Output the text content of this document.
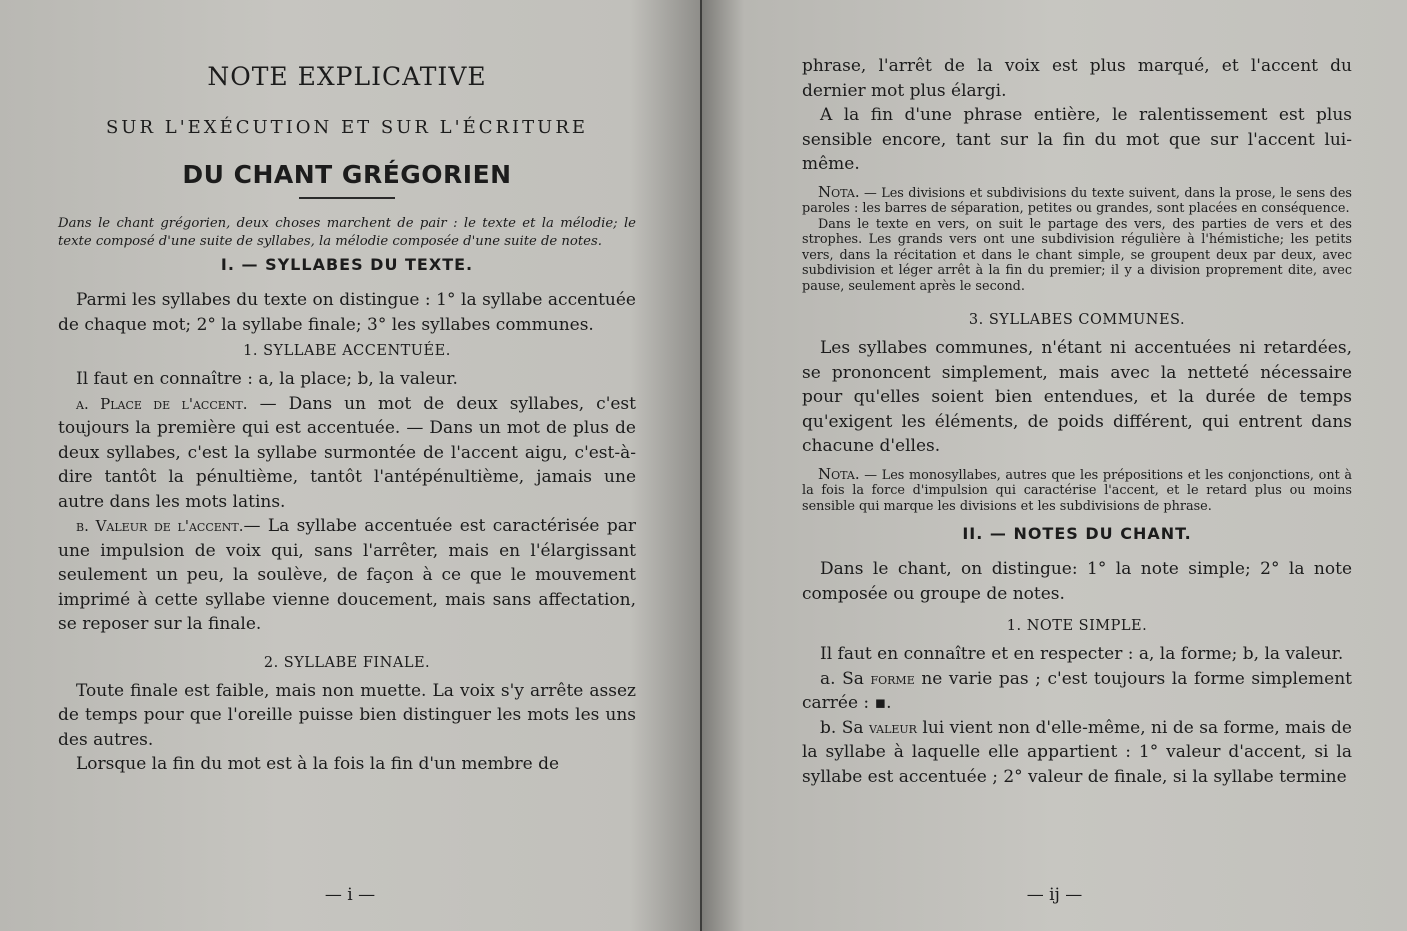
NOTE EXPLICATIVE

SUR L'EXÉCUTION ET SUR L'ÉCRITURE

DU CHANT GRÉGORIEN

Dans le chant grégorien, deux choses marchent de pair : le texte et la mélodie; le texte composé d'une suite de syllabes, la mélodie composée d'une suite de notes.

I. — SYLLABES DU TEXTE.

Parmi les syllabes du texte on distingue : 1° la syllabe accentuée de chaque mot; 2° la syllabe finale; 3° les syllabes communes.

1. SYLLABE ACCENTUÉE.

Il faut en connaître : a, la place; b, la valeur.

a. Place de l'accent. — Dans un mot de deux syllabes, c'est toujours la première qui est accentuée. — Dans un mot de plus de deux syllabes, c'est la syllabe surmontée de l'accent aigu, c'est-à-dire tantôt la pénultième, tantôt l'antépénultième, jamais une autre dans les mots latins.

b. Valeur de l'accent.— La syllabe accentuée est caractérisée par une impulsion de voix qui, sans l'arrêter, mais en l'élargissant seulement un peu, la soulève, de façon à ce que le mouvement imprimé à cette syllabe vienne doucement, mais sans affectation, se reposer sur la finale.

2. SYLLABE FINALE.

Toute finale est faible, mais non muette. La voix s'y arrête assez de temps pour que l'oreille puisse bien distinguer les mots les uns des autres.

Lorsque la fin du mot est à la fois la fin d'un membre de

— i —

phrase, l'arrêt de la voix est plus marqué, et l'accent du dernier mot plus élargi.

A la fin d'une phrase entière, le ralentissement est plus sensible encore, tant sur la fin du mot que sur l'accent lui-même.

Nota. — Les divisions et subdivisions du texte suivent, dans la prose, le sens des paroles : les barres de séparation, petites ou grandes, sont placées en conséquence.

Dans le texte en vers, on suit le partage des vers, des parties de vers et des strophes. Les grands vers ont une subdivision régulière à l'hémistiche; les petits vers, dans la récitation et dans le chant simple, se groupent deux par deux, avec subdivision et léger arrêt à la fin du premier; il y a division proprement dite, avec pause, seulement après le second.

3. SYLLABES COMMUNES.

Les syllabes communes, n'étant ni accentuées ni retardées, se prononcent simplement, mais avec la netteté nécessaire pour qu'elles soient bien entendues, et la durée de temps qu'exigent les éléments, de poids différent, qui entrent dans chacune d'elles.

Nota. — Les monosyllabes, autres que les prépositions et les conjonctions, ont à la fois la force d'impulsion qui caractérise l'accent, et le retard plus ou moins sensible qui marque les divisions et les subdivisions de phrase.

II. — NOTES DU CHANT.

Dans le chant, on distingue: 1° la note simple; 2° la note composée ou groupe de notes.

1. NOTE SIMPLE.

Il faut en connaître et en respecter : a, la forme; b, la valeur.

a. Sa forme ne varie pas ; c'est toujours la forme simplement carrée : ▪.

b. Sa valeur lui vient non d'elle-même, ni de sa forme, mais de la syllabe à laquelle elle appartient : 1° valeur d'accent, si la syllabe est accentuée ; 2° valeur de finale, si la syllabe termine

— ij —
